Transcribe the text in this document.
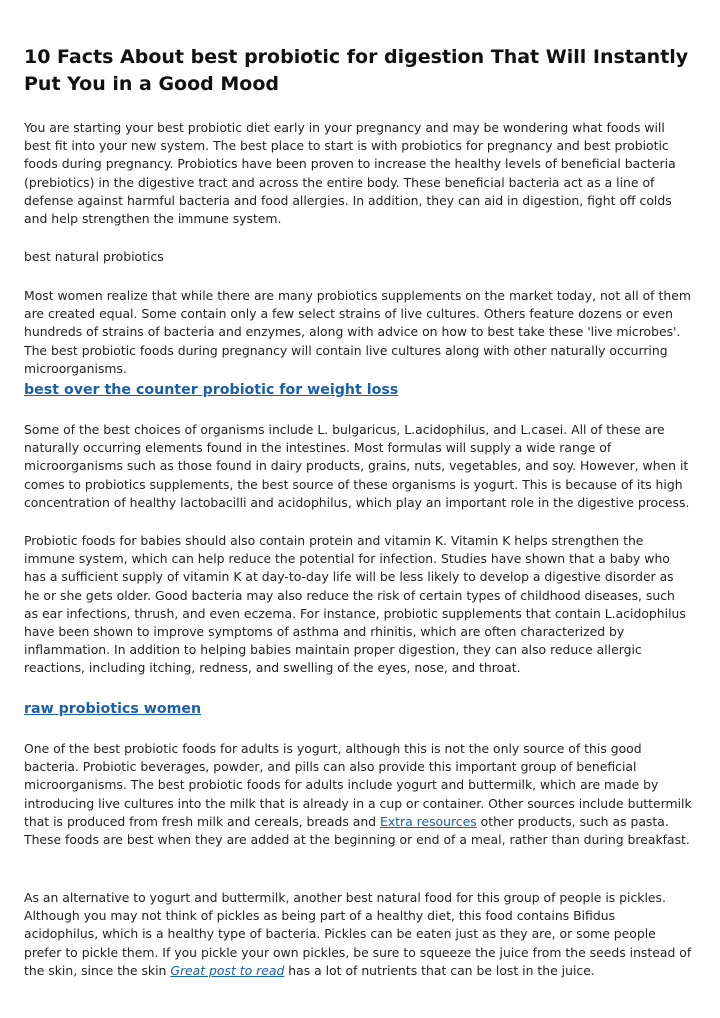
10 Facts About best probiotic for digestion That Will Instantly Put You in a Good Mood

You are starting your best probiotic diet early in your pregnancy and may be wondering what foods will best fit into your new system. The best place to start is with probiotics for pregnancy and best probiotic foods during pregnancy. Probiotics have been proven to increase the healthy levels of beneficial bacteria (prebiotics) in the digestive tract and across the entire body. These beneficial bacteria act as a line of defense against harmful bacteria and food allergies. In addition, they can aid in digestion, fight off colds and help strengthen the immune system.

best natural probiotics

Most women realize that while there are many probiotics supplements on the market today, not all of them are created equal. Some contain only a few select strains of live cultures. Others feature dozens or even hundreds of strains of bacteria and enzymes, along with advice on how to best take these 'live microbes'. The best probiotic foods during pregnancy will contain live cultures along with other naturally occurring microorganisms.

best over the counter probiotic for weight loss

Some of the best choices of organisms include L. bulgaricus, L.acidophilus, and L.casei. All of these are naturally occurring elements found in the intestines. Most formulas will supply a wide range of microorganisms such as those found in dairy products, grains, nuts, vegetables, and soy. However, when it comes to probiotics supplements, the best source of these organisms is yogurt. This is because of its high concentration of healthy lactobacilli and acidophilus, which play an important role in the digestive process.

Probiotic foods for babies should also contain protein and vitamin K. Vitamin K helps strengthen the immune system, which can help reduce the potential for infection. Studies have shown that a baby who has a sufficient supply of vitamin K at day-to-day life will be less likely to develop a digestive disorder as he or she gets older. Good bacteria may also reduce the risk of certain types of childhood diseases, such as ear infections, thrush, and even eczema. For instance, probiotic supplements that contain L.acidophilus have been shown to improve symptoms of asthma and rhinitis, which are often characterized by inflammation. In addition to helping babies maintain proper digestion, they can also reduce allergic reactions, including itching, redness, and swelling of the eyes, nose, and throat.

raw probiotics women

One of the best probiotic foods for adults is yogurt, although this is not the only source of this good bacteria. Probiotic beverages, powder, and pills can also provide this important group of beneficial microorganisms. The best probiotic foods for adults include yogurt and buttermilk, which are made by introducing live cultures into the milk that is already in a cup or container. Other sources include buttermilk that is produced from fresh milk and cereals, breads and Extra resources other products, such as pasta. These foods are best when they are added at the beginning or end of a meal, rather than during breakfast.

As an alternative to yogurt and buttermilk, another best natural food for this group of people is pickles. Although you may not think of pickles as being part of a healthy diet, this food contains Bifidus acidophilus, which is a healthy type of bacteria. Pickles can be eaten just as they are, or some people prefer to pickle them. If you pickle your own pickles, be sure to squeeze the juice from the seeds instead of the skin, since the skin Great post to read has a lot of nutrients that can be lost in the juice.
